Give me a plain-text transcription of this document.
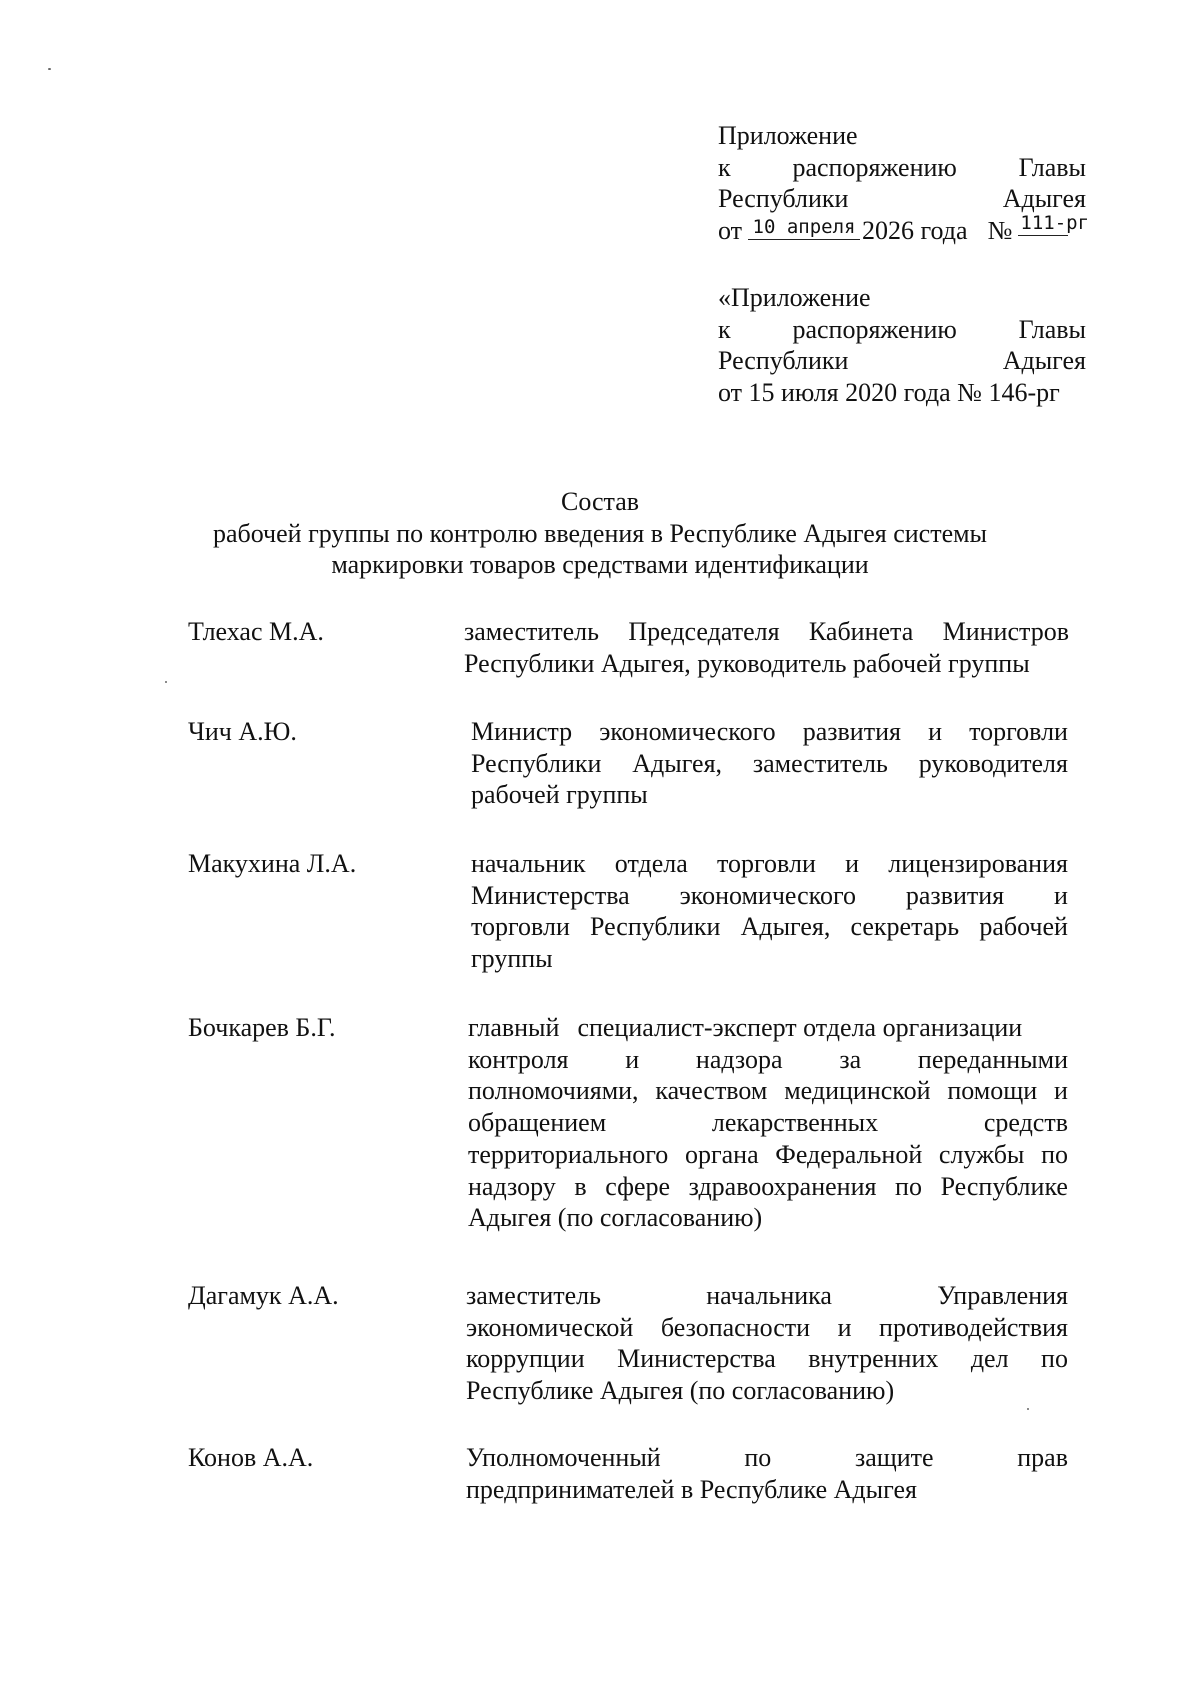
Приложение
к распоряжению Главы
Республики	Адыгея
от 10 апреля 2026 года № 111-рг
«Приложение
к распоряжению Главы
Республики	Адыгея
от 15 июля 2020 года № 146-рг
Состав
рабочей группы по контролю введения в Республике Адыгея системы
маркировки товаров средствами идентификации
Тлехас М.А.	заместитель Председателя Кабинета Министров
Республики Адыгея, руководитель рабочей группы
Чич А.Ю.	Министр экономического развития и торговли
Республики Адыгея, заместитель руководителя
рабочей группы
Макухина Л.А.	начальник отдела торговли и лицензирования
Министерства экономического развития и
торговли Республики Адыгея, секретарь рабочей
группы
Бочкарев Б.Г.	главный специалист-эксперт отдела организации
контроля и надзора за переданными
полномочиями, качеством медицинской помощи и
обращением	лекарственных	средств
территориального органа Федеральной службы по
надзору в сфере здравоохранения по Республике
Адыгея (по согласованию)
Дагамук А.А.	заместитель	начальника	Управления
экономической безопасности и противодействия
коррупции Министерства внутренних дел по
Республике Адыгея (по согласованию)
Конов А.А.	Уполномоченный	по	защите	прав
предпринимателей в Республике Адыгея
